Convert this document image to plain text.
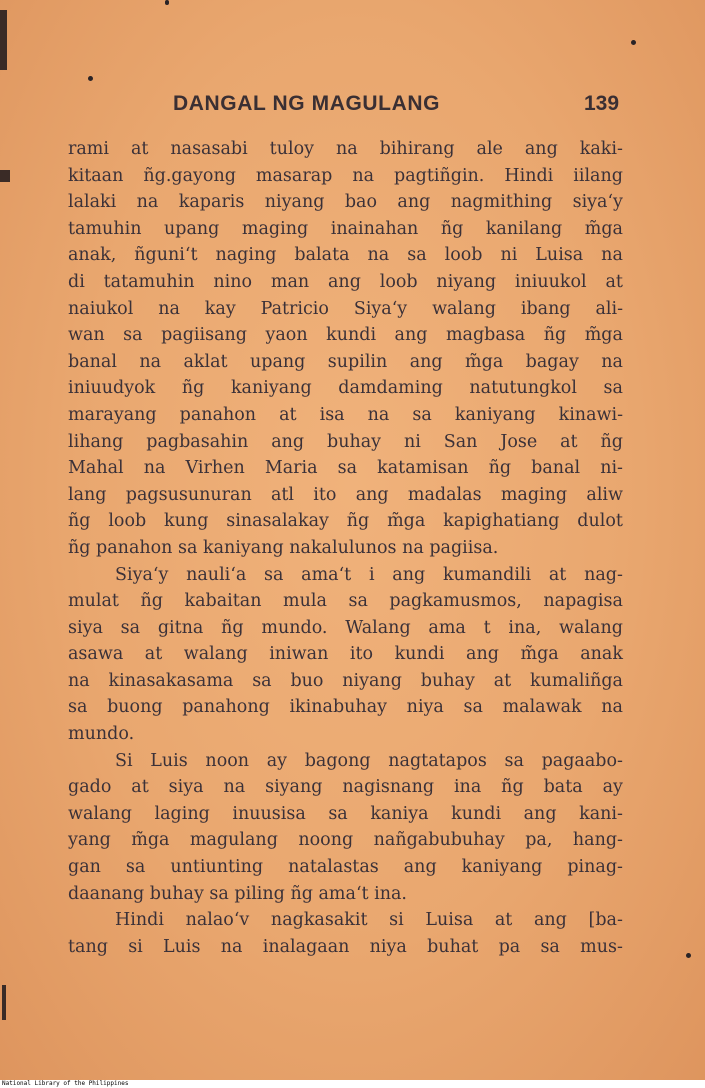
DANGAL NG MAGULANG	139
rami at nasasabi tuloy na bihirang ale ang kaki-
kitaan ñg.gayong masarap na pagtiñgin. Hindi iilang
lalaki na kaparis niyang bao ang nagmithing siya‘y
tamuhin upang maging inainahan ñg kanilang m̃ga
anak, ñguni‘t naging balata na sa loob ni Luisa na
di tatamuhin nino man ang loob niyang iniuukol at
naiukol na kay Patricio Siya‘y walang ibang ali-
wan sa pagiisang yaon kundi ang magbasa ñg m̃ga
banal na aklat upang supilin ang m̃ga bagay na
iniuudyok ñg kaniyang damdaming natutungkol sa
marayang panahon at isa na sa kaniyang kinawi-
lihang pagbasahin ang buhay ni San Jose at ñg
Mahal na Virhen Maria sa katamisan ñg banal ni-
lang pagsusunuran atl ito ang madalas maging aliw
ñg loob kung sinasalakay ñg m̃ga kapighatiang dulot
ñg panahon sa kaniyang nakalulunos na pagiisa.
Siya‘y nauli‘a sa ama‘t i ang kumandili at nag-
mulat ñg kabaitan mula sa pagkamusmos, napagisa
siya sa gitna ñg mundo. Walang ama t ina, walang
asawa at walang iniwan ito kundi ang m̃ga anak
na kinasakasama sa buo niyang buhay at kumaliñga
sa buong panahong ikinabuhay niya sa malawak na
mundo.
Si Luis noon ay bagong nagtatapos sa pagaabo-
gado at siya na siyang nagisnang ina ñg bata ay
walang laging inuusisa sa kaniya kundi ang kani-
yang m̃ga magulang noong nañgabubuhay pa, hang-
gan sa untiunting natalastas ang kaniyang pinag-
daanang buhay sa piling ñg ama‘t ina.
Hindi nalao‘v nagkasakit si Luisa at ang [ba-
tang si Luis na inalagaan niya buhat pa sa mus-
National Library of the Philippines
